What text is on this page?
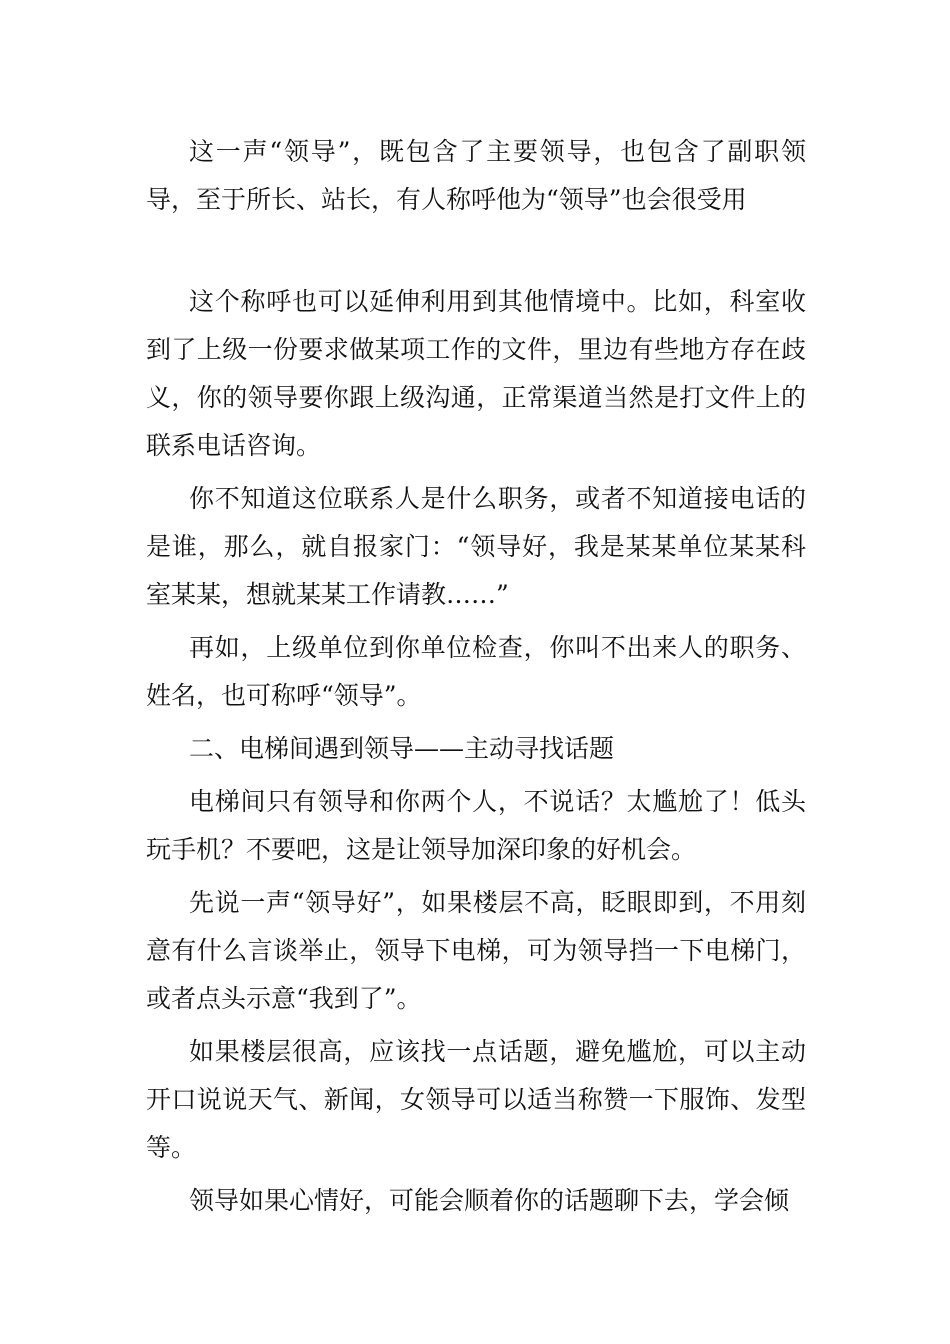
这一声“领导”，既包含了主要领导，也包含了副职领导，至于所长、站长，有人称呼他为“领导”也会很受用

这个称呼也可以延伸利用到其他情境中。比如，科室收到了上级一份要求做某项工作的文件，里边有些地方存在歧义，你的领导要你跟上级沟通，正常渠道当然是打文件上的联系电话咨询。

你不知道这位联系人是什么职务，或者不知道接电话的是谁，那么，就自报家门：“领导好，我是某某单位某某科室某某，想就某某工作请教……”

再如，上级单位到你单位检查，你叫不出来人的职务、姓名，也可称呼“领导”。

二、电梯间遇到领导——主动寻找话题

电梯间只有领导和你两个人，不说话？太尴尬了！低头玩手机？不要吧，这是让领导加深印象的好机会。

先说一声“领导好”，如果楼层不高，眨眼即到，不用刻意有什么言谈举止，领导下电梯，可为领导挡一下电梯门，或者点头示意“我到了”。

如果楼层很高，应该找一点话题，避免尴尬，可以主动开口说说天气、新闻，女领导可以适当称赞一下服饰、发型等。

领导如果心情好，可能会顺着你的话题聊下去，学会倾
